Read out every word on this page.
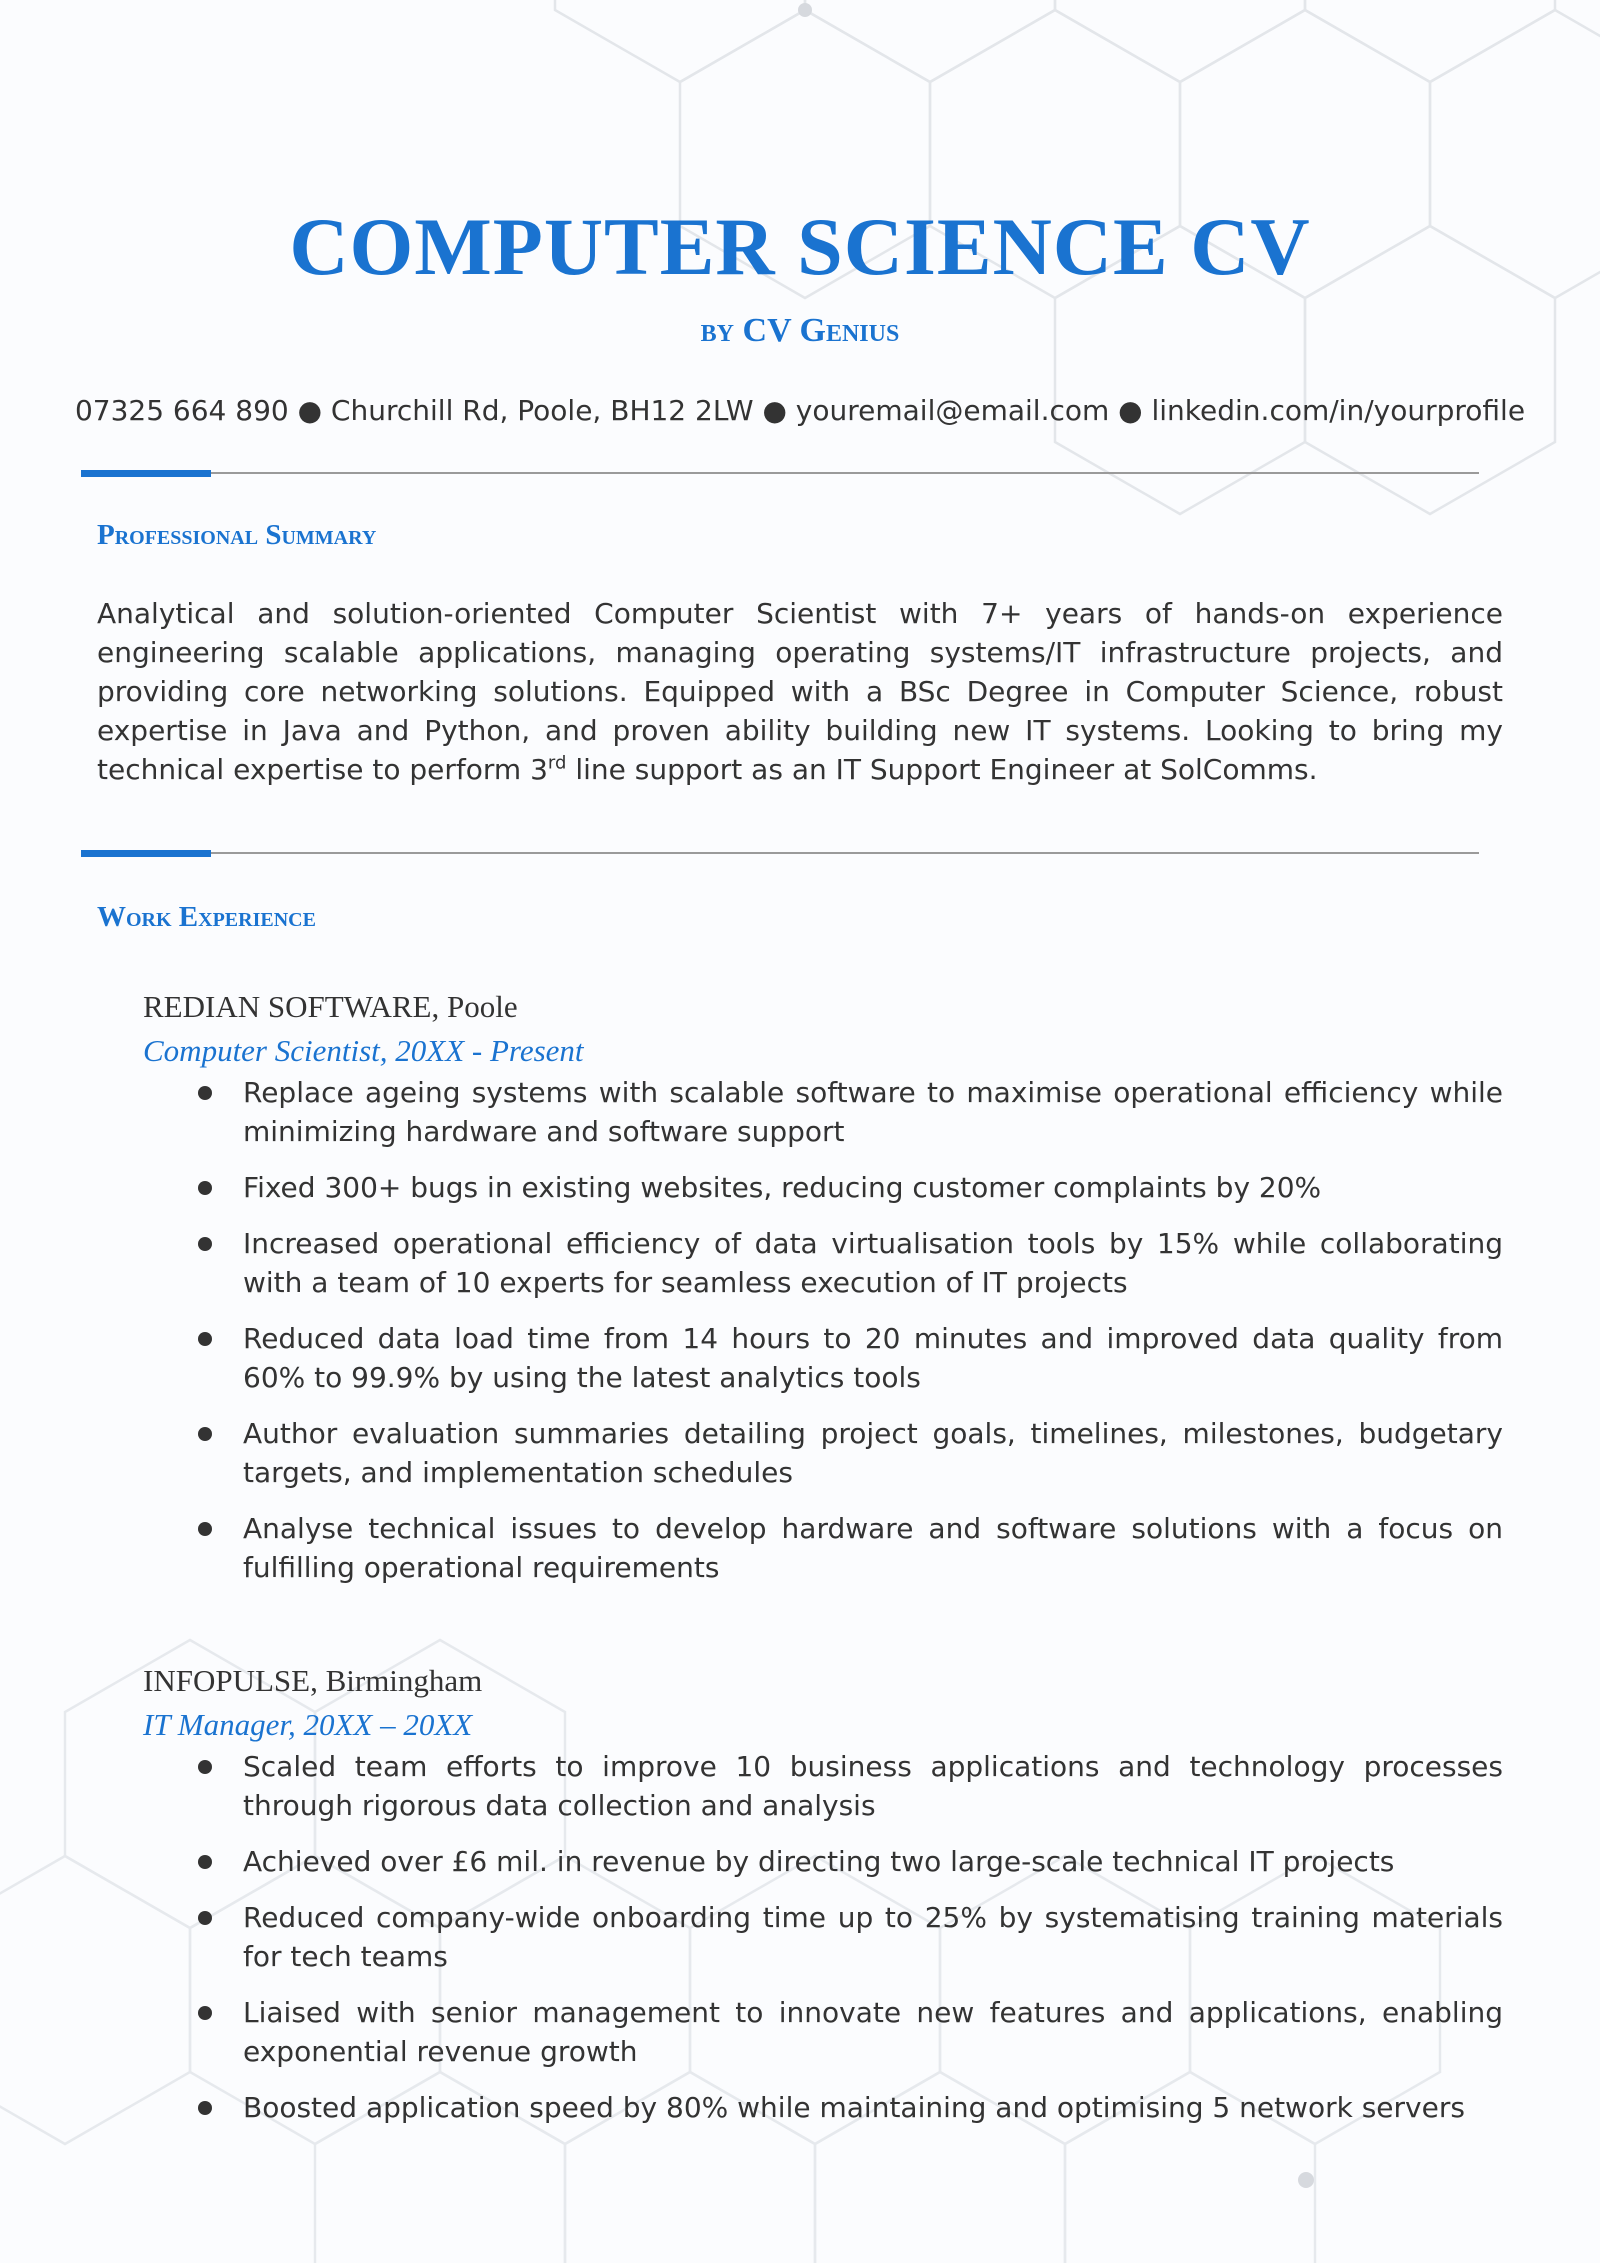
COMPUTER SCIENCE CV
by CV Genius
07325 664 890 ● Churchill Rd, Poole, BH12 2LW ● youremail@email.com ● linkedin.com/in/yourprofile
Professional Summary

Analytical and solution-oriented Computer Scientist with 7+ years of hands-on experience engineering scalable applications, managing operating systems/IT infrastructure projects, and providing core networking solutions. Equipped with a BSc Degree in Computer Science, robust expertise in Java and Python, and proven ability building new IT systems. Looking to bring my technical expertise to perform 3rd line support as an IT Support Engineer at SolComms.

Work Experience
REDIAN SOFTWARE, Poole
Computer Scientist, 20XX - Present
Replace ageing systems with scalable software to maximise operational efficiency while minimizing hardware and software support
Fixed 300+ bugs in existing websites, reducing customer complaints by 20%
Increased operational efficiency of data virtualisation tools by 15% while collaborating with a team of 10 experts for seamless execution of IT projects
Reduced data load time from 14 hours to 20 minutes and improved data quality from 60% to 99.9% by using the latest analytics tools
Author evaluation summaries detailing project goals, timelines, milestones, budgetary targets, and implementation schedules
Analyse technical issues to develop hardware and software solutions with a focus on fulfilling operational requirements
INFOPULSE, Birmingham
IT Manager, 20XX – 20XX
Scaled team efforts to improve 10 business applications and technology processes through rigorous data collection and analysis
Achieved over £6 mil. in revenue by directing two large-scale technical IT projects
Reduced company-wide onboarding time up to 25% by systematising training materials for tech teams
Liaised with senior management to innovate new features and applications, enabling exponential revenue growth
Boosted application speed by 80% while maintaining and optimising 5 network servers
